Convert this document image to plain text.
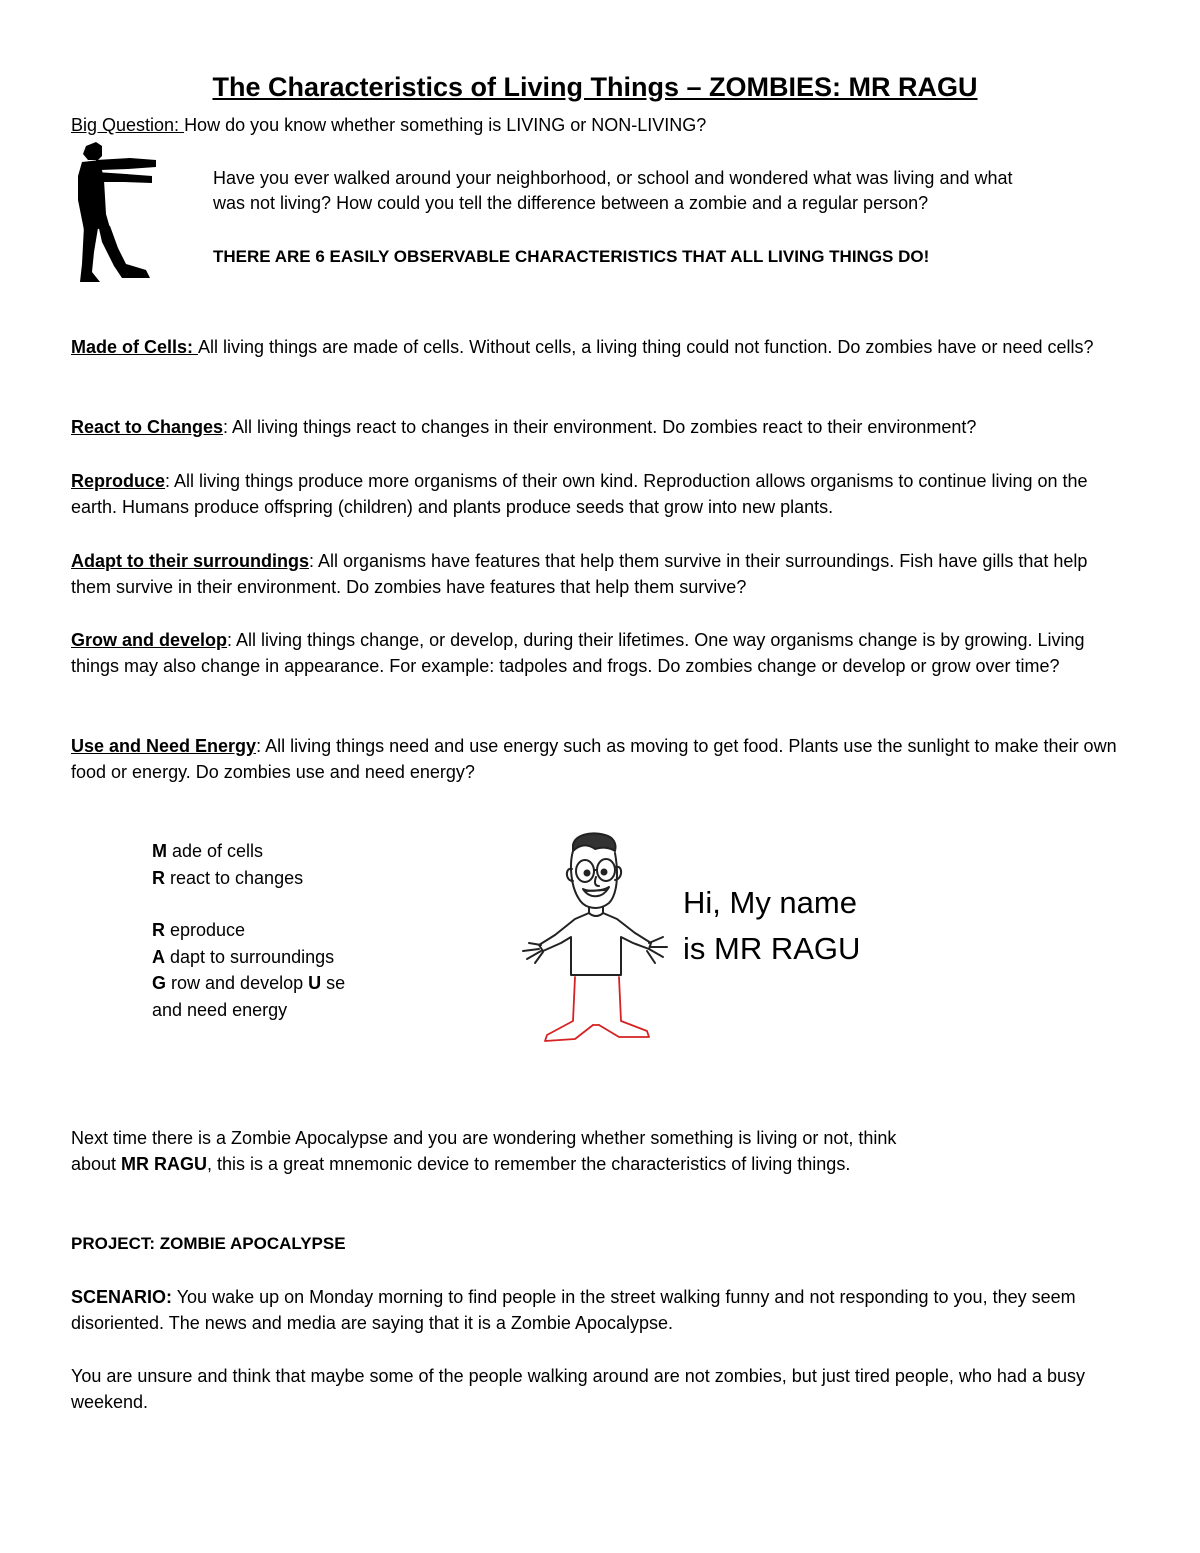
The Characteristics of Living Things – ZOMBIES: MR RAGU
Big Question: How do you know whether something is LIVING or NON-LIVING?
Have you ever walked around your neighborhood, or school and wondered what was living and what
was not living? How could you tell the difference between a zombie and a regular person?
THERE ARE 6 EASILY OBSERVABLE CHARACTERISTICS THAT ALL LIVING THINGS DO!
Made of Cells: All living things are made of cells. Without cells, a living thing could not function. Do zombies have or need cells?
React to Changes: All living things react to changes in their environment. Do zombies react to their environment?
Reproduce: All living things produce more organisms of their own kind. Reproduction allows organisms to continue living on the earth. Humans produce offspring (children) and plants produce seeds that grow into new plants.
Adapt to their surroundings: All organisms have features that help them survive in their surroundings. Fish have gills that help them survive in their environment. Do zombies have features that help them survive?
Grow and develop: All living things change, or develop, during their lifetimes. One way organisms change is by growing. Living things may also change in appearance. For example: tadpoles and frogs. Do zombies change or develop or grow over time?
Use and Need Energy: All living things need and use energy such as moving to get food. Plants use the sunlight to make their own food or energy. Do zombies use and need energy?
M ade of cells
R react to changes
R eproduce
A dapt to surroundings
G row and develop U se
and need energy
Hi, My name
is MR RAGU
Next time there is a Zombie Apocalypse and you are wondering whether something is living or not, think
about MR RAGU, this is a great mnemonic device to remember the characteristics of living things.
PROJECT: ZOMBIE APOCALYPSE
SCENARIO: You wake up on Monday morning to find people in the street walking funny and not responding to you, they seem disoriented. The news and media are saying that it is a Zombie Apocalypse.
You are unsure and think that maybe some of the people walking around are not zombies, but just tired people, who had a busy weekend.
